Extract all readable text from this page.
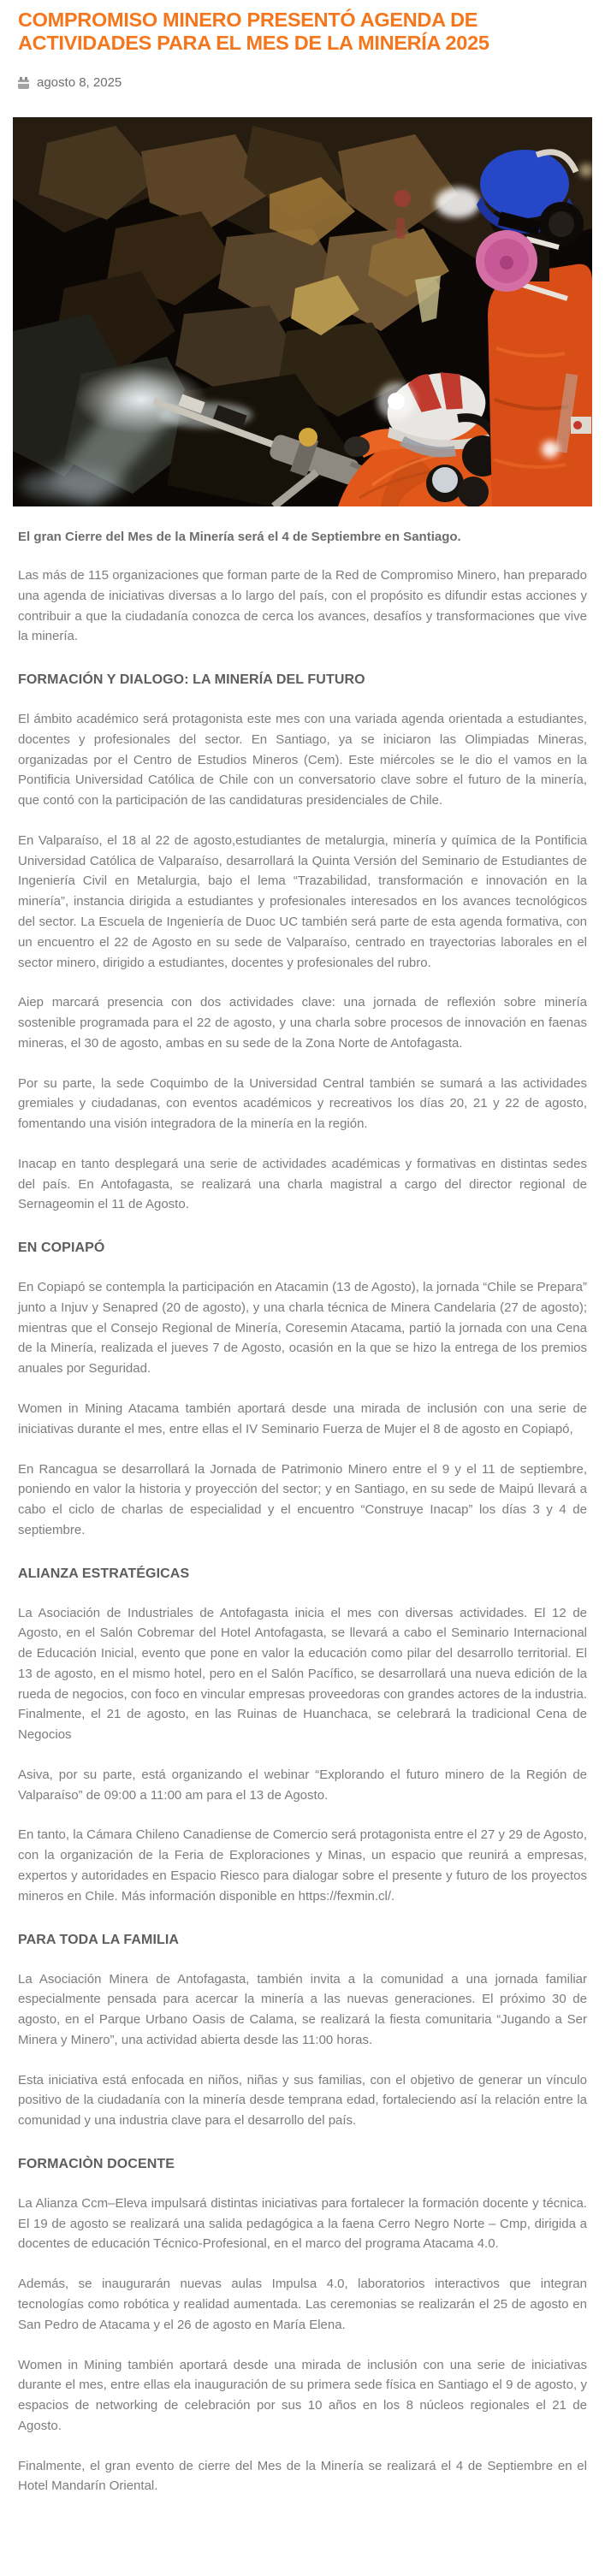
COMPROMISO MINERO PRESENTÓ AGENDA DE ACTIVIDADES PARA EL MES DE LA MINERÍA 2025
agosto 8, 2025

El gran Cierre del Mes de la Minería será el 4 de Septiembre en Santiago.

Las más de 115 organizaciones que forman parte de la Red de Compromiso Minero, han preparado una agenda de iniciativas diversas a lo largo del país, con el propósito es difundir estas acciones y contribuir a que la ciudadanía conozca de cerca los avances, desafíos y transformaciones que vive la minería.

FORMACIÓN Y DIALOGO: LA MINERÍA DEL FUTURO

El ámbito académico será protagonista este mes con una variada agenda orientada a estudiantes, docentes y profesionales del sector. En Santiago, ya se iniciaron las Olimpiadas Mineras, organizadas por el Centro de Estudios Mineros (Cem). Este miércoles se le dio el vamos en la Pontificia Universidad Católica de Chile con un conversatorio clave sobre el futuro de la minería, que contó con la participación de las candidaturas presidenciales de Chile.

En Valparaíso, el 18 al 22 de agosto,estudiantes de metalurgia, minería y química de la Pontificia Universidad Católica de Valparaíso, desarrollará la Quinta Versión del Seminario de Estudiantes de Ingeniería Civil en Metalurgia, bajo el lema “Trazabilidad, transformación e innovación en la minería”, instancia dirigida a estudiantes y profesionales interesados en los avances tecnológicos del sector. La Escuela de Ingeniería de Duoc UC también será parte de esta agenda formativa, con un encuentro el 22 de Agosto en su sede de Valparaíso, centrado en trayectorias laborales en el sector minero, dirigido a estudiantes, docentes y profesionales del rubro.

Aiep marcará presencia con dos actividades clave: una jornada de reflexión sobre minería sostenible programada para el 22 de agosto, y una charla sobre procesos de innovación en faenas mineras, el 30 de agosto, ambas en su sede de la Zona Norte de Antofagasta.

Por su parte, la sede Coquimbo de la Universidad Central también se sumará a las actividades gremiales y ciudadanas, con eventos académicos y recreativos los días 20, 21 y 22 de agosto, fomentando una visión integradora de la minería en la región.

Inacap en tanto desplegará una serie de actividades académicas y formativas en distintas sedes del país. En Antofagasta, se realizará una charla magistral a cargo del director regional de Sernageomin el 11 de Agosto.

EN COPIAPÓ

En Copiapó se contempla la participación en Atacamin (13 de Agosto), la jornada “Chile se Prepara” junto a Injuv y Senapred (20 de agosto), y una charla técnica de Minera Candelaria (27 de agosto); mientras que el Consejo Regional de Minería, Coresemin Atacama, partió la jornada con una Cena de la Minería, realizada el jueves 7 de Agosto, ocasión en la que se hizo la entrega de los premios anuales por Seguridad.

Women in Mining Atacama también aportará desde una mirada de inclusión con una serie de iniciativas durante el mes, entre ellas el IV Seminario Fuerza de Mujer el 8 de agosto en Copiapó,

En Rancagua se desarrollará la Jornada de Patrimonio Minero entre el 9 y el 11 de septiembre, poniendo en valor la historia y proyección del sector; y en Santiago, en su sede de Maipú llevará a cabo el ciclo de charlas de especialidad y el encuentro “Construye Inacap” los días 3 y 4 de septiembre.

ALIANZA ESTRATÉGICAS

La Asociación de Industriales de Antofagasta inicia el mes con diversas actividades. El 12 de Agosto, en el Salón Cobremar del Hotel Antofagasta, se llevará a cabo el Seminario Internacional de Educación Inicial, evento que pone en valor la educación como pilar del desarrollo territorial. El 13 de agosto, en el mismo hotel, pero en el Salón Pacífico, se desarrollará una nueva edición de la rueda de negocios, con foco en vincular empresas proveedoras con grandes actores de la industria. Finalmente, el 21 de agosto, en las Ruinas de Huanchaca, se celebrará la tradicional Cena de Negocios

Asiva, por su parte, está organizando el webinar “Explorando el futuro minero de la Región de Valparaíso” de 09:00 a 11:00 am para el 13 de Agosto.

En tanto, la Cámara Chileno Canadiense de Comercio será protagonista entre el 27 y 29 de Agosto, con la organización de la Feria de Exploraciones y Minas, un espacio que reunirá a empresas, expertos y autoridades en Espacio Riesco para dialogar sobre el presente y futuro de los proyectos mineros en Chile. Más información disponible en https://fexmin.cl/.

PARA TODA LA FAMILIA

La Asociación Minera de Antofagasta, también invita a la comunidad a una jornada familiar especialmente pensada para acercar la minería a las nuevas generaciones. El próximo 30 de agosto, en el Parque Urbano Oasis de Calama, se realizará la fiesta comunitaria “Jugando a Ser Minera y Minero”, una actividad abierta desde las 11:00 horas.

Esta iniciativa está enfocada en niños, niñas y sus familias, con el objetivo de generar un vínculo positivo de la ciudadanía con la minería desde temprana edad, fortaleciendo así la relación entre la comunidad y una industria clave para el desarrollo del país.

FORMACIÒN DOCENTE

La Alianza Ccm–Eleva impulsará distintas iniciativas para fortalecer la formación docente y técnica. El 19 de agosto se realizará una salida pedagógica a la faena Cerro Negro Norte – Cmp, dirigida a docentes de educación Técnico-Profesional, en el marco del programa Atacama 4.0.

Además, se inaugurarán nuevas aulas Impulsa 4.0, laboratorios interactivos que integran tecnologías como robótica y realidad aumentada. Las ceremonias se realizarán el 25 de agosto en San Pedro de Atacama y el 26 de agosto en María Elena.

Women in Mining también aportará desde una mirada de inclusión con una serie de iniciativas durante el mes, entre ellas ela inauguración de su primera sede física en Santiago el 9 de agosto, y espacios de networking de celebración por sus 10 años en los 8 núcleos regionales el 21 de Agosto.

Finalmente, el gran evento de cierre del Mes de la Minería se realizará el 4 de Septiembre en el Hotel Mandarín Oriental.
